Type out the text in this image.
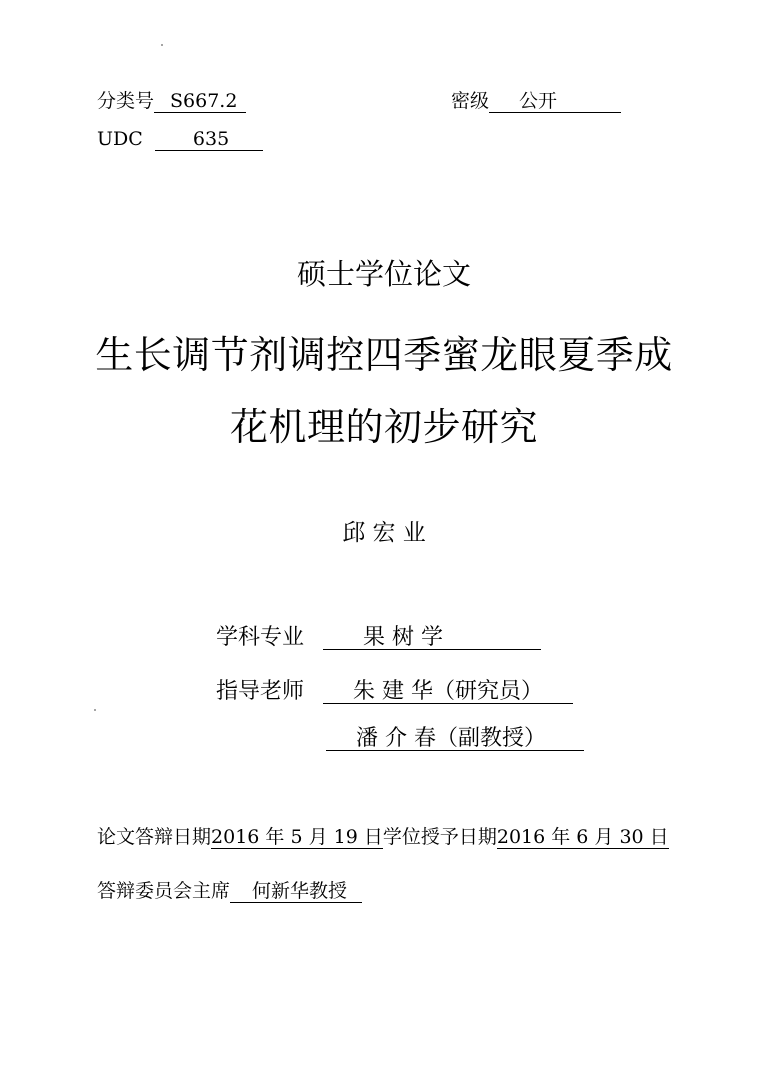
分类号 S667.2	密级 公开
UDC	635
硕士学位论文
生长调节剂调控四季蜜龙眼夏季成
花机理的初步研究
邱 宏 业
学科专业	果 树 学
指导老师 朱 建 华（研究员）
潘 介 春（副教授）
论文答辩日期2016 年 5 月 19 日学位授予日期2016 年 6 月 30 日
答辩委员会主席 何新华教授
